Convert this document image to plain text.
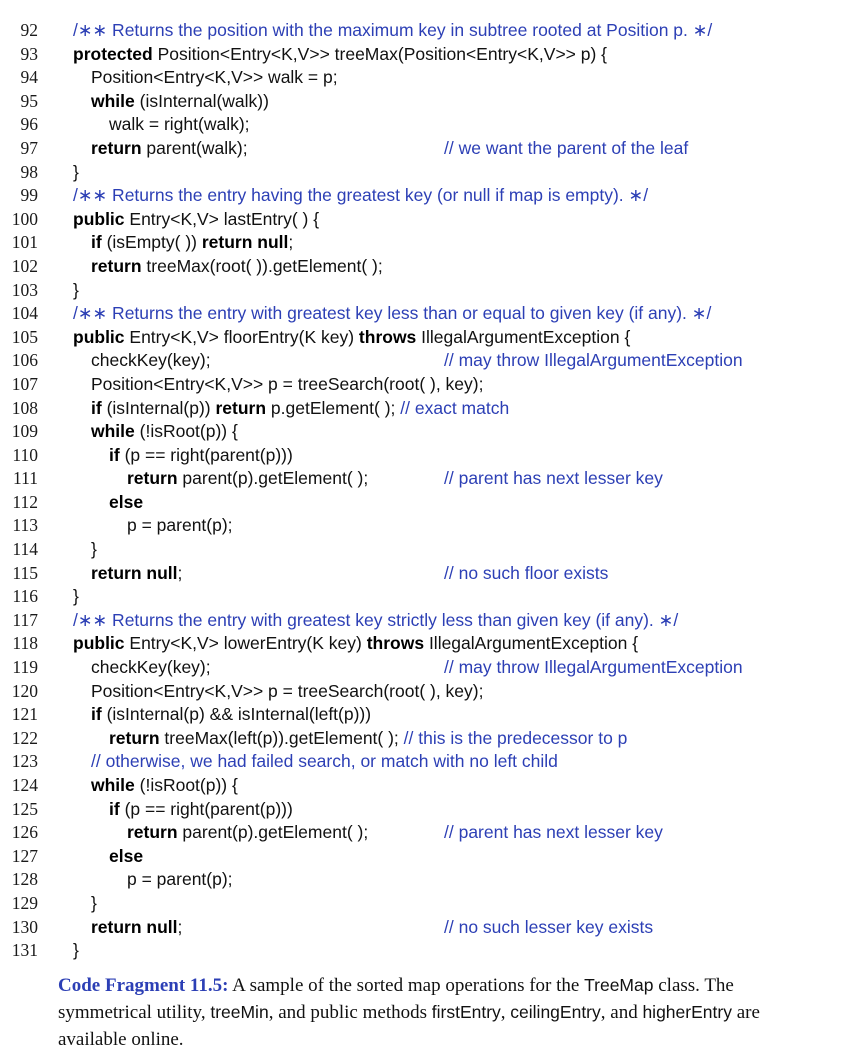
92 /∗∗ Returns the position with the maximum key in subtree rooted at Position p. ∗/
93 protected Position<Entry<K,V>> treeMax(Position<Entry<K,V>> p) {
94	Position<Entry<K,V>> walk = p;
95	while (isInternal(walk))
96	walk = right(walk);
97	return parent(walk);	// we want the parent of the leaf
98 }
99 /∗∗ Returns the entry having the greatest key (or null if map is empty). ∗/
100 public Entry<K,V> lastEntry( ) {
101	if (isEmpty( )) return null;
102	return treeMax(root( )).getElement( );
103 }
104 /∗∗ Returns the entry with greatest key less than or equal to given key (if any). ∗/
105 public Entry<K,V> floorEntry(K key) throws IllegalArgumentException {
106	checkKey(key);	// may throw IllegalArgumentException
107	Position<Entry<K,V>> p = treeSearch(root( ), key);
108	if (isInternal(p)) return p.getElement( ); // exact match
109	while (!isRoot(p)) {
110	if (p == right(parent(p)))
111	return parent(p).getElement( );	// parent has next lesser key
112	else
113	p = parent(p);
114	}
115	return null;	// no such floor exists
116 }
117 /∗∗ Returns the entry with greatest key strictly less than given key (if any). ∗/
118 public Entry<K,V> lowerEntry(K key) throws IllegalArgumentException {
119	checkKey(key);	// may throw IllegalArgumentException
120	Position<Entry<K,V>> p = treeSearch(root( ), key);
121	if (isInternal(p) && isInternal(left(p)))
122	return treeMax(left(p)).getElement( ); // this is the predecessor to p
123	// otherwise, we had failed search, or match with no left child
124	while (!isRoot(p)) {
125	if (p == right(parent(p)))
126	return parent(p).getElement( );	// parent has next lesser key
127	else
128	p = parent(p);
129	}
130	return null;	// no such lesser key exists
131 }
Code Fragment 11.5: A sample of the sorted map operations for the TreeMap class. The symmetrical utility, treeMin, and public methods firstEntry, ceilingEntry, and higherEntry are available online.
